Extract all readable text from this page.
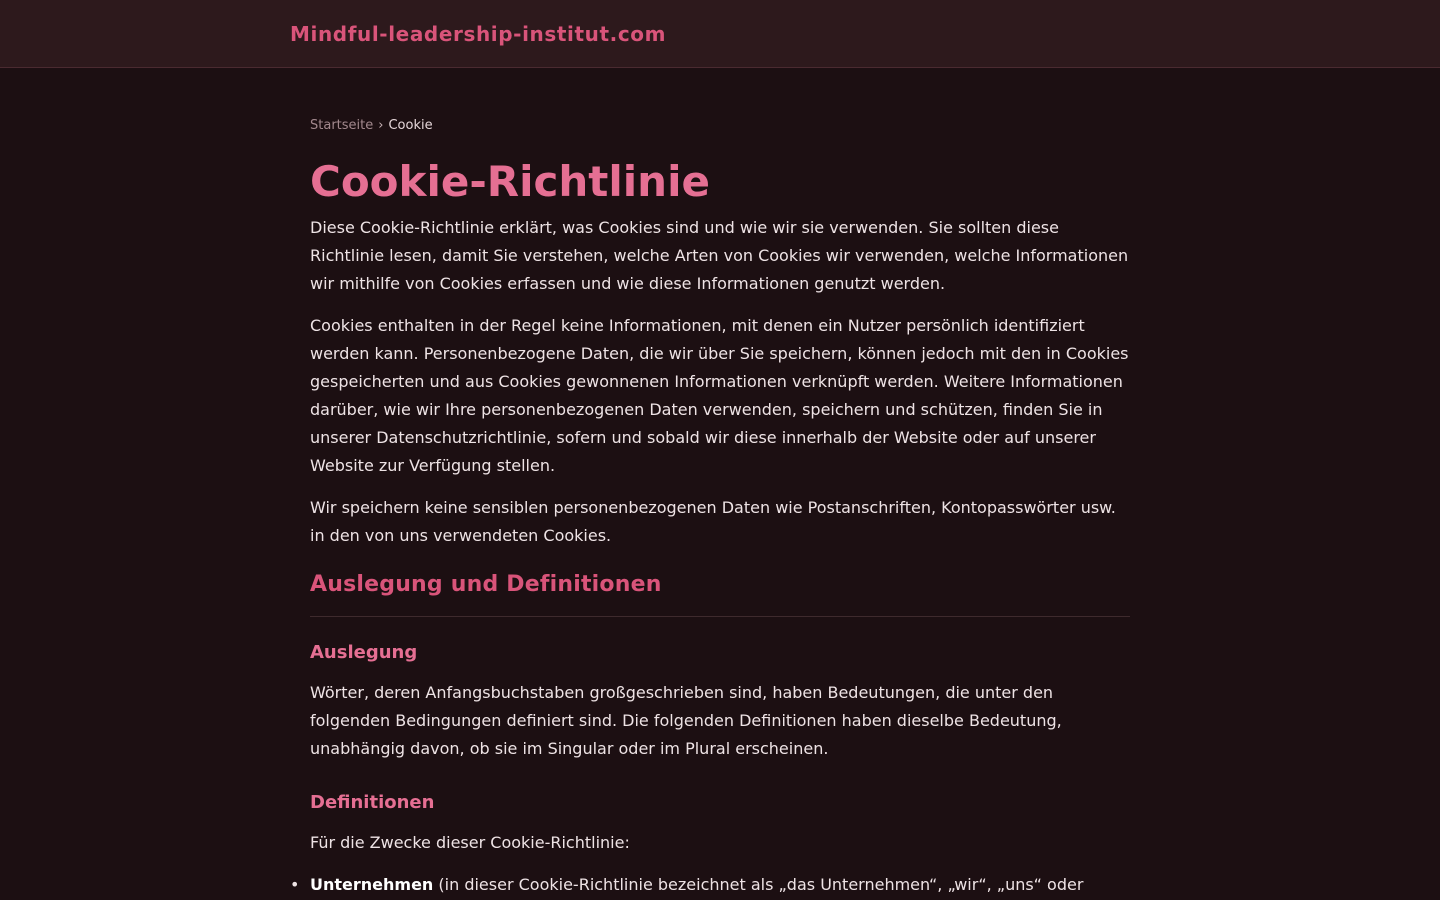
Mindful-leadership-institut.com
Startseite › Cookie
Cookie-Richtlinie

Diese Cookie-Richtlinie erklärt, was Cookies sind und wie wir sie verwenden. Sie sollten diese Richtlinie lesen, damit Sie verstehen, welche Arten von Cookies wir verwenden, welche Informationen wir mithilfe von Cookies erfassen und wie diese Informationen genutzt werden.

Cookies enthalten in der Regel keine Informationen, mit denen ein Nutzer persönlich identifiziert werden kann. Personenbezogene Daten, die wir über Sie speichern, können jedoch mit den in Cookies gespeicherten und aus Cookies gewonnenen Informationen verknüpft werden. Weitere Informationen darüber, wie wir Ihre personenbezogenen Daten verwenden, speichern und schützen, finden Sie in unserer Datenschutzrichtlinie, sofern und sobald wir diese innerhalb der Website oder auf unserer Website zur Verfügung stellen.

Wir speichern keine sensiblen personenbezogenen Daten wie Postanschriften, Kontopasswörter usw. in den von uns verwendeten Cookies.

Auslegung und Definitionen
Auslegung

Wörter, deren Anfangsbuchstaben großgeschrieben sind, haben Bedeutungen, die unter den folgenden Bedingungen definiert sind. Die folgenden Definitionen haben dieselbe Bedeutung, unabhängig davon, ob sie im Singular oder im Plural erscheinen.

Definitionen

Für die Zwecke dieser Cookie-Richtlinie:

• Unternehmen (in dieser Cookie-Richtlinie bezeichnet als „das Unternehmen“, „wir“, „uns“ oder
